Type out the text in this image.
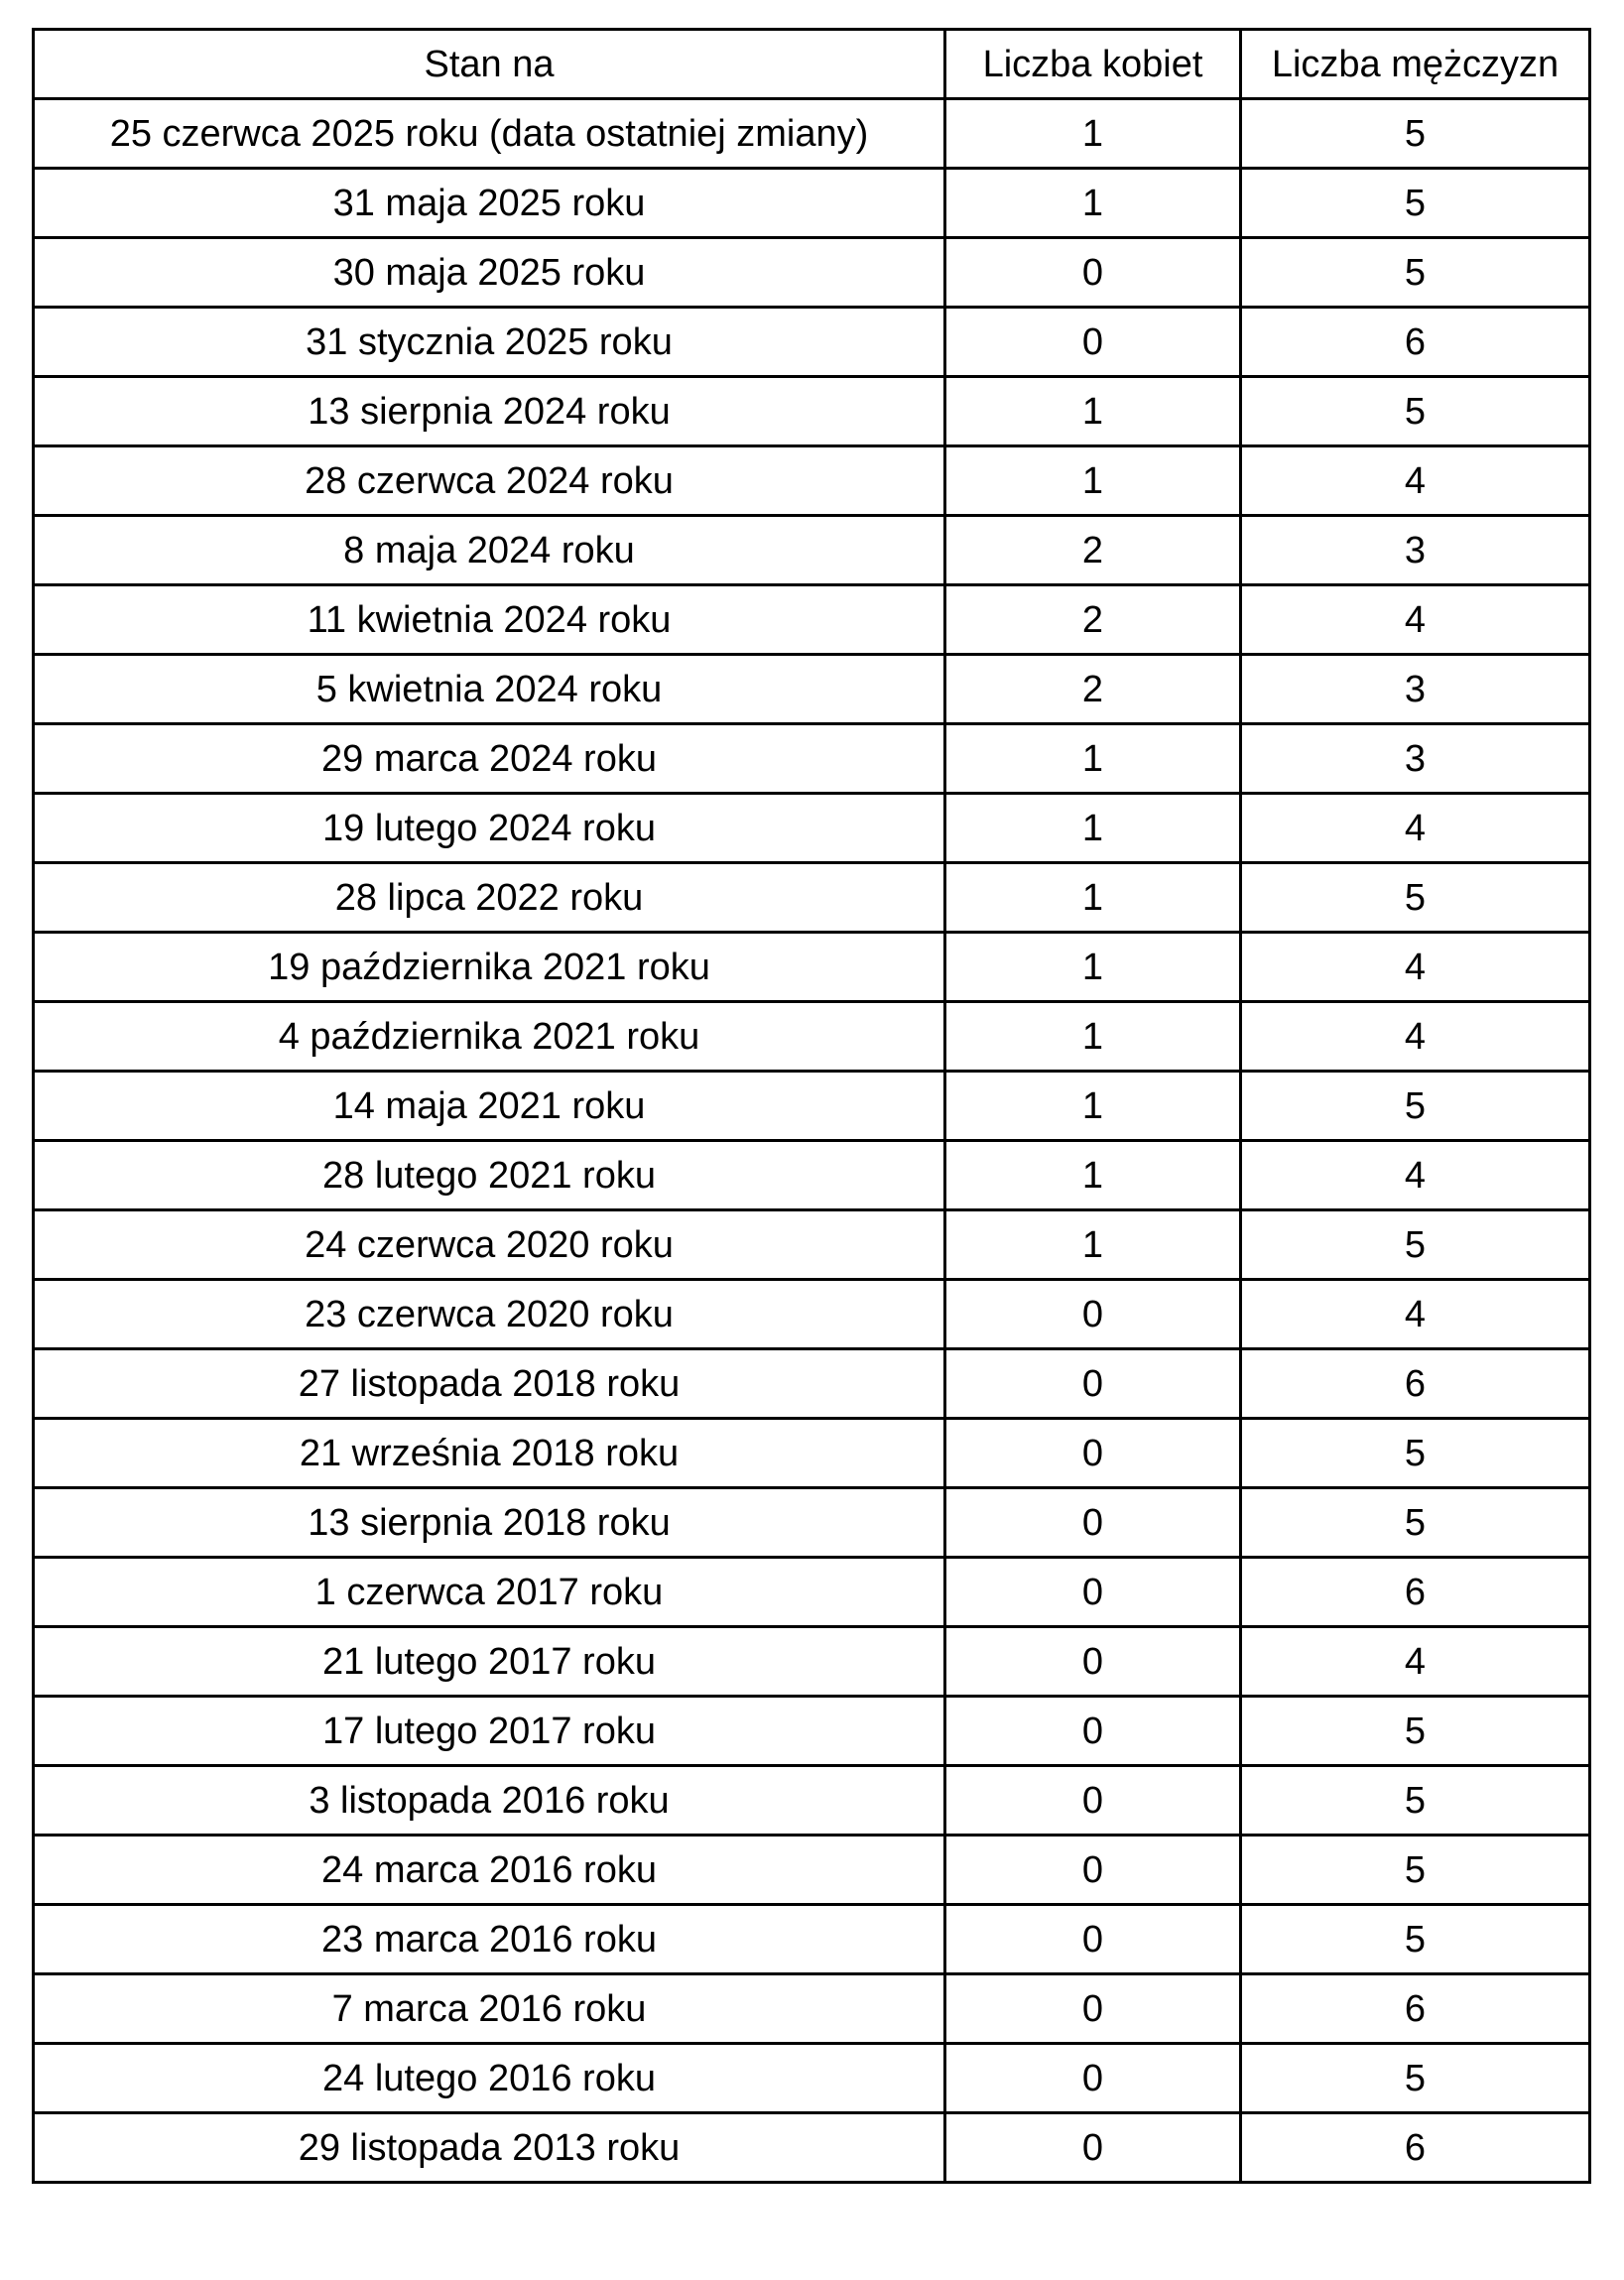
Stan na	Liczba kobiet	Liczba mężczyzn
25 czerwca 2025 roku (data ostatniej zmiany)	1	5
31 maja 2025 roku	1	5
30 maja 2025 roku	0	5
31 stycznia 2025 roku	0	6
13 sierpnia 2024 roku	1	5
28 czerwca 2024 roku	1	4
8 maja 2024 roku	2	3
11 kwietnia 2024 roku	2	4
5 kwietnia 2024 roku	2	3
29 marca 2024 roku	1	3
19 lutego 2024 roku	1	4
28 lipca 2022 roku	1	5
19 października 2021 roku	1	4
4 października 2021 roku	1	4
14 maja 2021 roku	1	5
28 lutego 2021 roku	1	4
24 czerwca 2020 roku	1	5
23 czerwca 2020 roku	0	4
27 listopada 2018 roku	0	6
21 września 2018 roku	0	5
13 sierpnia 2018 roku	0	5
1 czerwca 2017 roku	0	6
21 lutego 2017 roku	0	4
17 lutego 2017 roku	0	5
3 listopada 2016 roku	0	5
24 marca 2016 roku	0	5
23 marca 2016 roku	0	5
7 marca 2016 roku	0	6
24 lutego 2016 roku	0	5
29 listopada 2013 roku	0	6
